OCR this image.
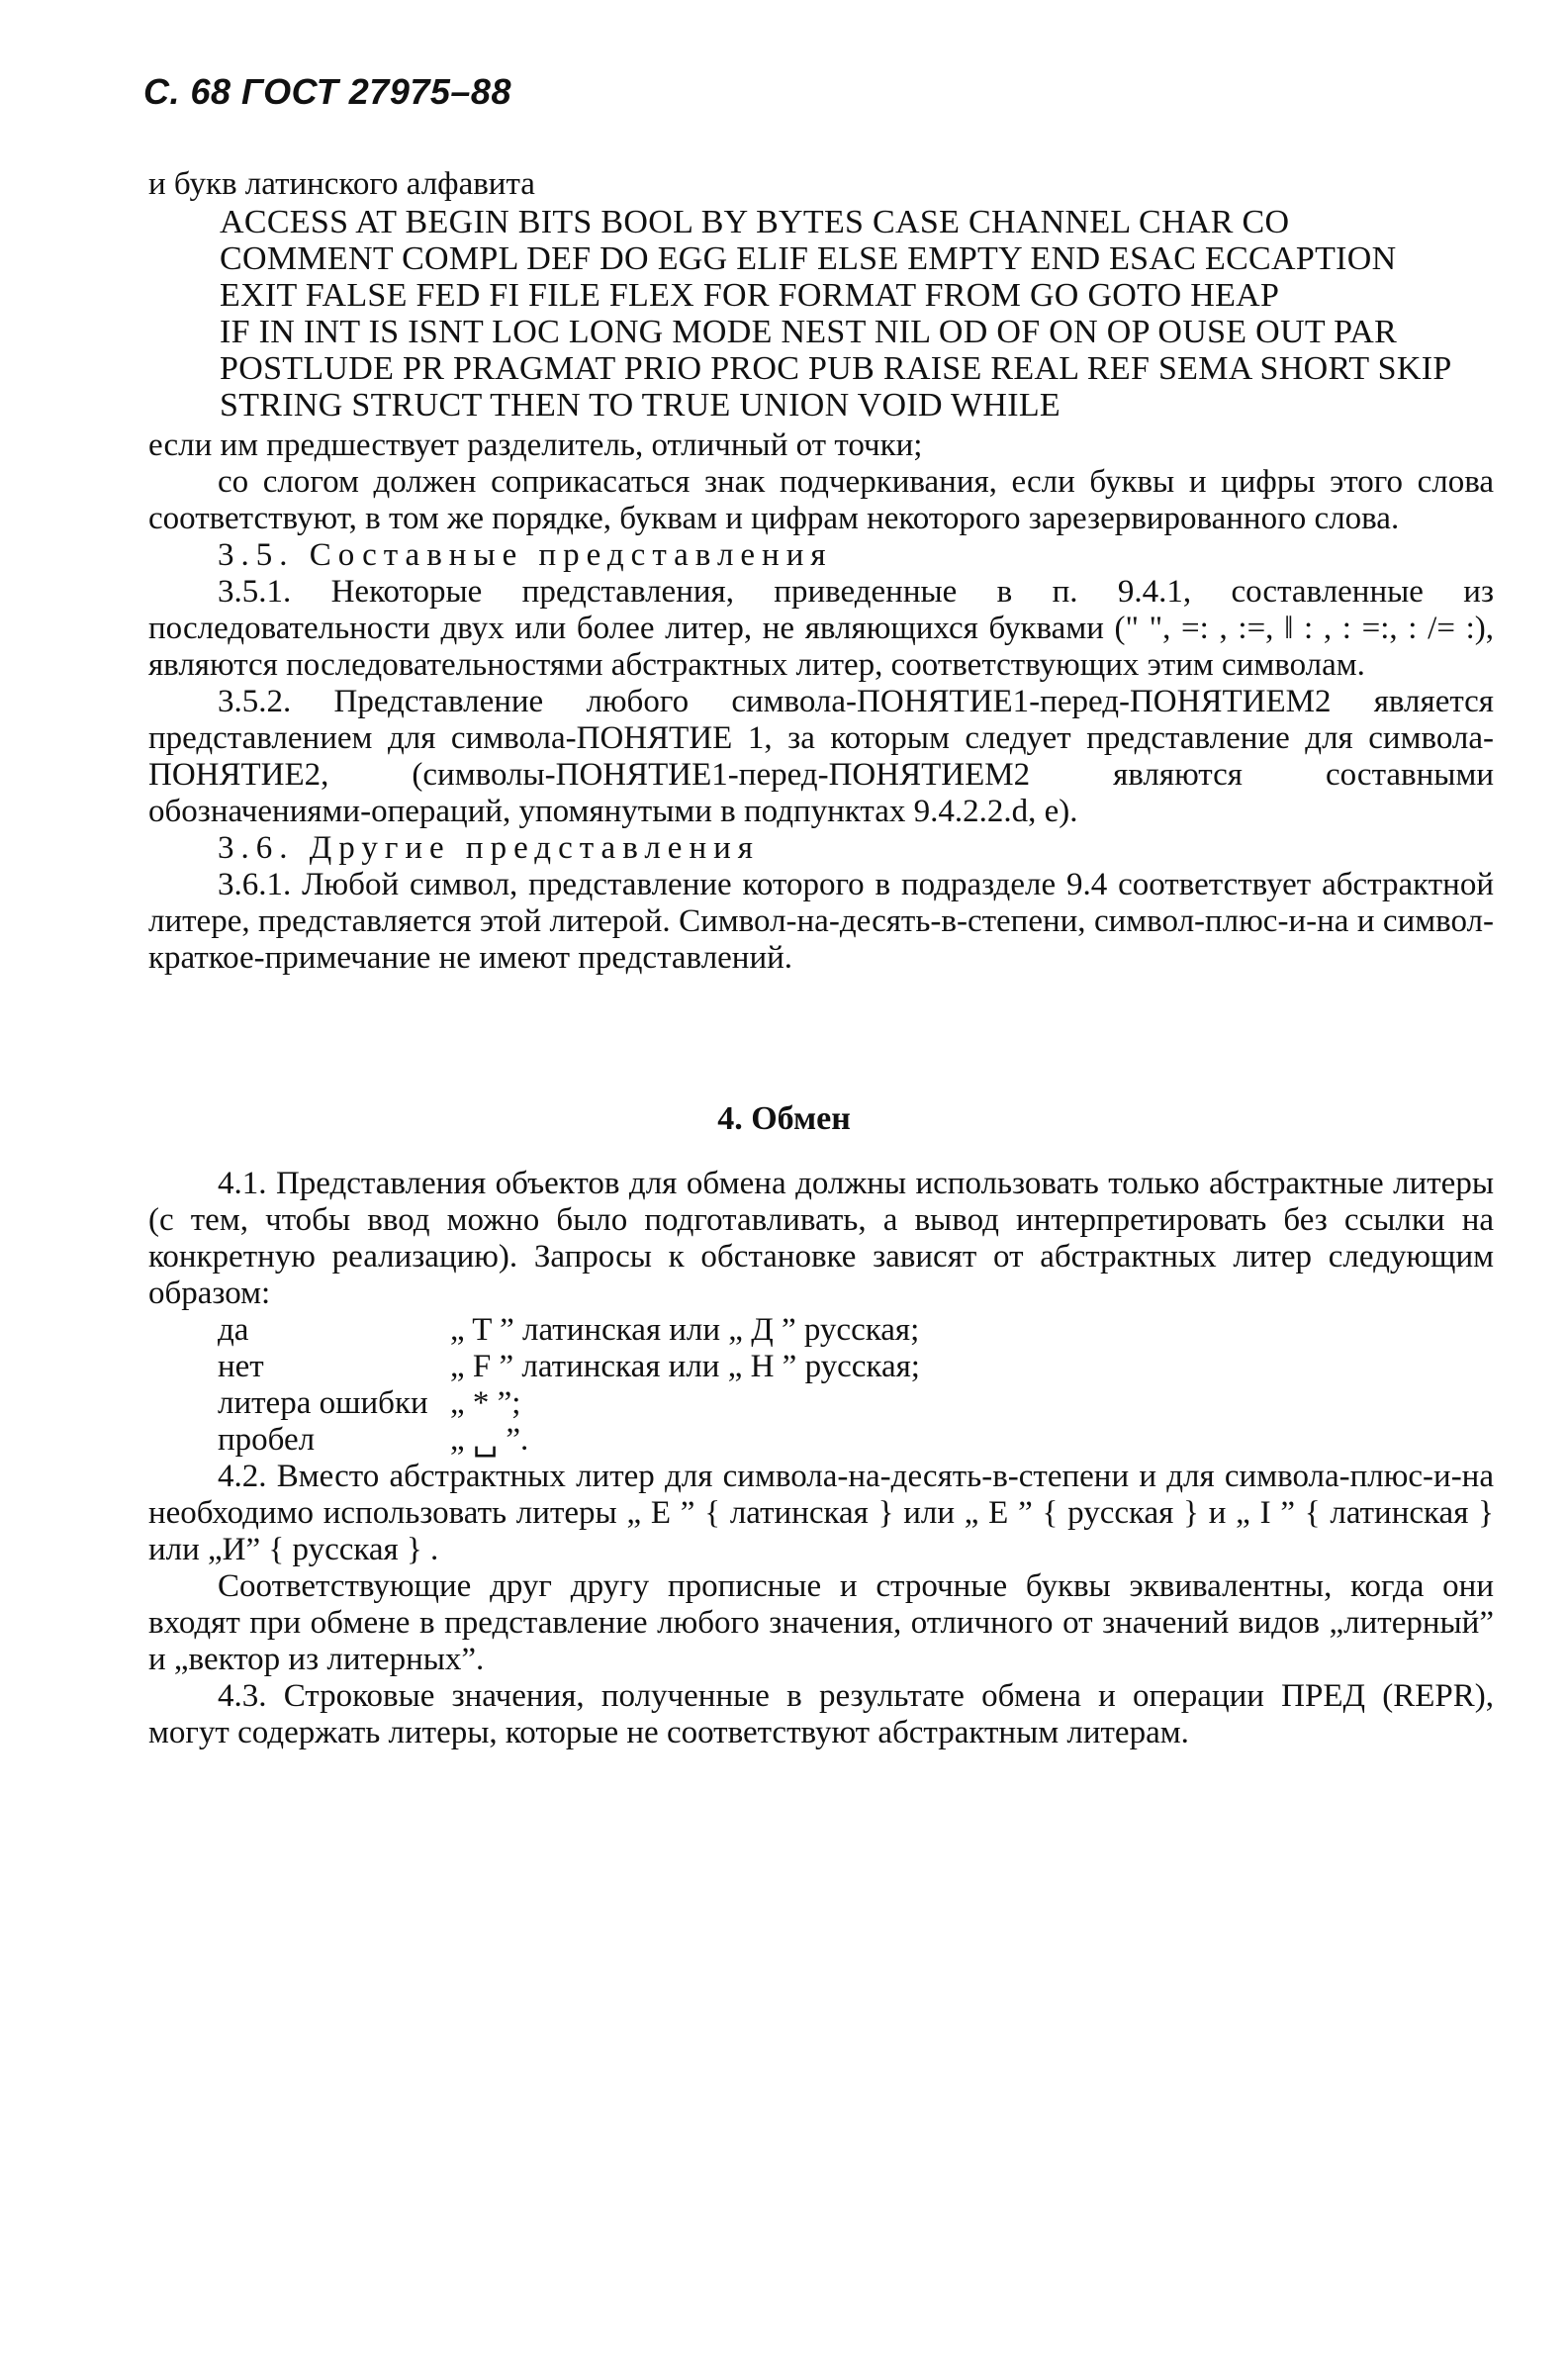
С. 68 ГОСТ 27975–88

и букв латинского алфавита

ACCESS AT BEGIN BITS BOOL BY BYTES CASE CHANNEL CHAR CO
COMMENT COMPL DEF DO EGG ELIF ELSE EMPTY END ESAC ECCAPTION
EXIT FALSE FED FI FILE FLEX FOR FORMAT FROM GO GOTO HEAP
IF IN INT IS ISNT LOC LONG MODE NEST NIL OD OF ON OP OUSE OUT PAR
POSTLUDE PR PRAGMAT PRIO PROC PUB RAISE REAL REF SEMA SHORT SKIP
STRING STRUCT THEN TO TRUE UNION VOID WHILE

если им предшествует разделитель, отличный от точки;

со слогом должен соприкасаться знак подчеркивания, если буквы и цифры этого слова соответствуют, в том же порядке, буквам и цифрам некоторого зарезервированного слова.

3.5. Составные представления

3.5.1. Некоторые представления, приведенные в п. 9.4.1, составленные из последовательности двух или более литер, не являющихся буквами (" ", =: , :=, ‖ : , : =:, : /= :), являются последовательностями абстрактных литер, соответствующих этим символам.

3.5.2. Представление любого символа-ПОНЯТИЕ1-перед-ПОНЯТИЕМ2 является представлением для символа-ПОНЯТИЕ 1, за которым следует представление для символа-ПОНЯТИЕ2, (символы-ПОНЯТИЕ1-перед-ПОНЯТИЕМ2 являются составными обозначениями-операций, упомянутыми в подпунктах 9.4.2.2.d, e).

3.6. Другие представления

3.6.1. Любой символ, представление которого в подразделе 9.4 соответствует абстрактной литере, представляется этой литерой. Символ-на-десять-в-степени, символ-плюс-и-на и символ-краткое-примечание не имеют представлений.

4. Обмен

4.1. Представления объектов для обмена должны использовать только абстрактные литеры (с тем, чтобы ввод можно было подготавливать, а вывод интерпретировать без ссылки на конкретную реализацию). Запросы к обстановке зависят от абстрактных литер следующим образом:

да	„ T ” латинская или „ Д ” русская;
нет	„ F ” латинская или „ Н ” русская;
литера ошибки „ * ”;
пробел	„ ␣ ”.

4.2. Вместо абстрактных литер для символа-на-десять-в-степени и для символа-плюс-и-на необходимо использовать литеры „ E ” { латинская } или „ E ” { русская } и „ I ” { латинская } или „И” { русская } .

Соответствующие друг другу прописные и строчные буквы эквивалентны, когда они входят при обмене в представление любого значения, отличного от значений видов „литерный” и „вектор из литерных”.

4.3. Строковые значения, полученные в результате обмена и операции ПРЕД (REPR), могут содержать литеры, которые не соответствуют абстрактным литерам.
